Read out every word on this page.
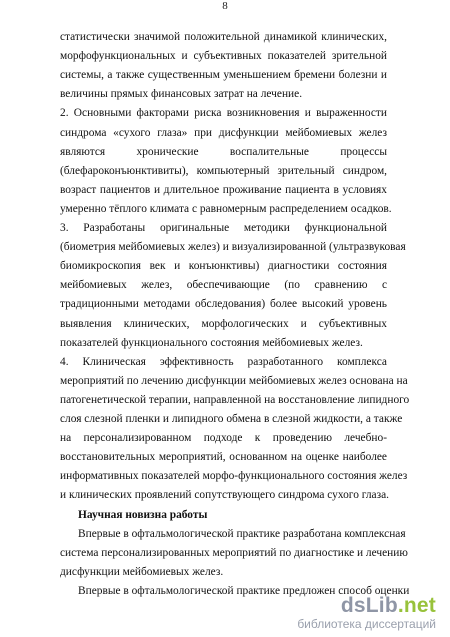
8
статистически значимой положительной динамикой клинических,
морфофункциональных и субъективных показателей зрительной
системы, а также существенным уменьшением бремени болезни и
величины прямых финансовых затрат на лечение.
2. Основными факторами риска возникновения и выраженности
синдрома «сухого глаза» при дисфункции мейбомиевых желез
являются хронические воспалительные процессы
(блефароконъюнктивиты), компьютерный зрительный синдром,
возраст пациентов и длительное проживание пациента в условиях
умеренно тёплого климата с равномерным распределением осадков.
3. Разработаны оригинальные методики функциональной
(биометрия мейбомиевых желез) и визуализированной (ультразвуковая
биомикроскопия век и конъюнктивы) диагностики состояния
мейбомиевых желез, обеспечивающие (по сравнению с
традиционными методами обследования) более высокий уровень
выявления клинических, морфологических и субъективных
показателей функционального состояния мейбомиевых желез.
4. Клиническая эффективность разработанного комплекса
мероприятий по лечению дисфункции мейбомиевых желез основана на
патогенетической терапии, направленной на восстановление липидного
слоя слезной пленки и липидного обмена в слезной жидкости, а также
на персонализированном подходе к проведению лечебно-
восстановительных мероприятий, основанном на оценке наиболее
информативных показателей морфо-функционального состояния желез
и клинических проявлений сопутствующего синдрома сухого глаза.
Научная новизна работы
Впервые в офтальмологической практике разработана комплексная
система персонализированных мероприятий по диагностике и лечению
дисфункции мейбомиевых желез.
Впервые в офтальмологической практике предложен способ оценки
dsLib.net
библиотека диссертаций
